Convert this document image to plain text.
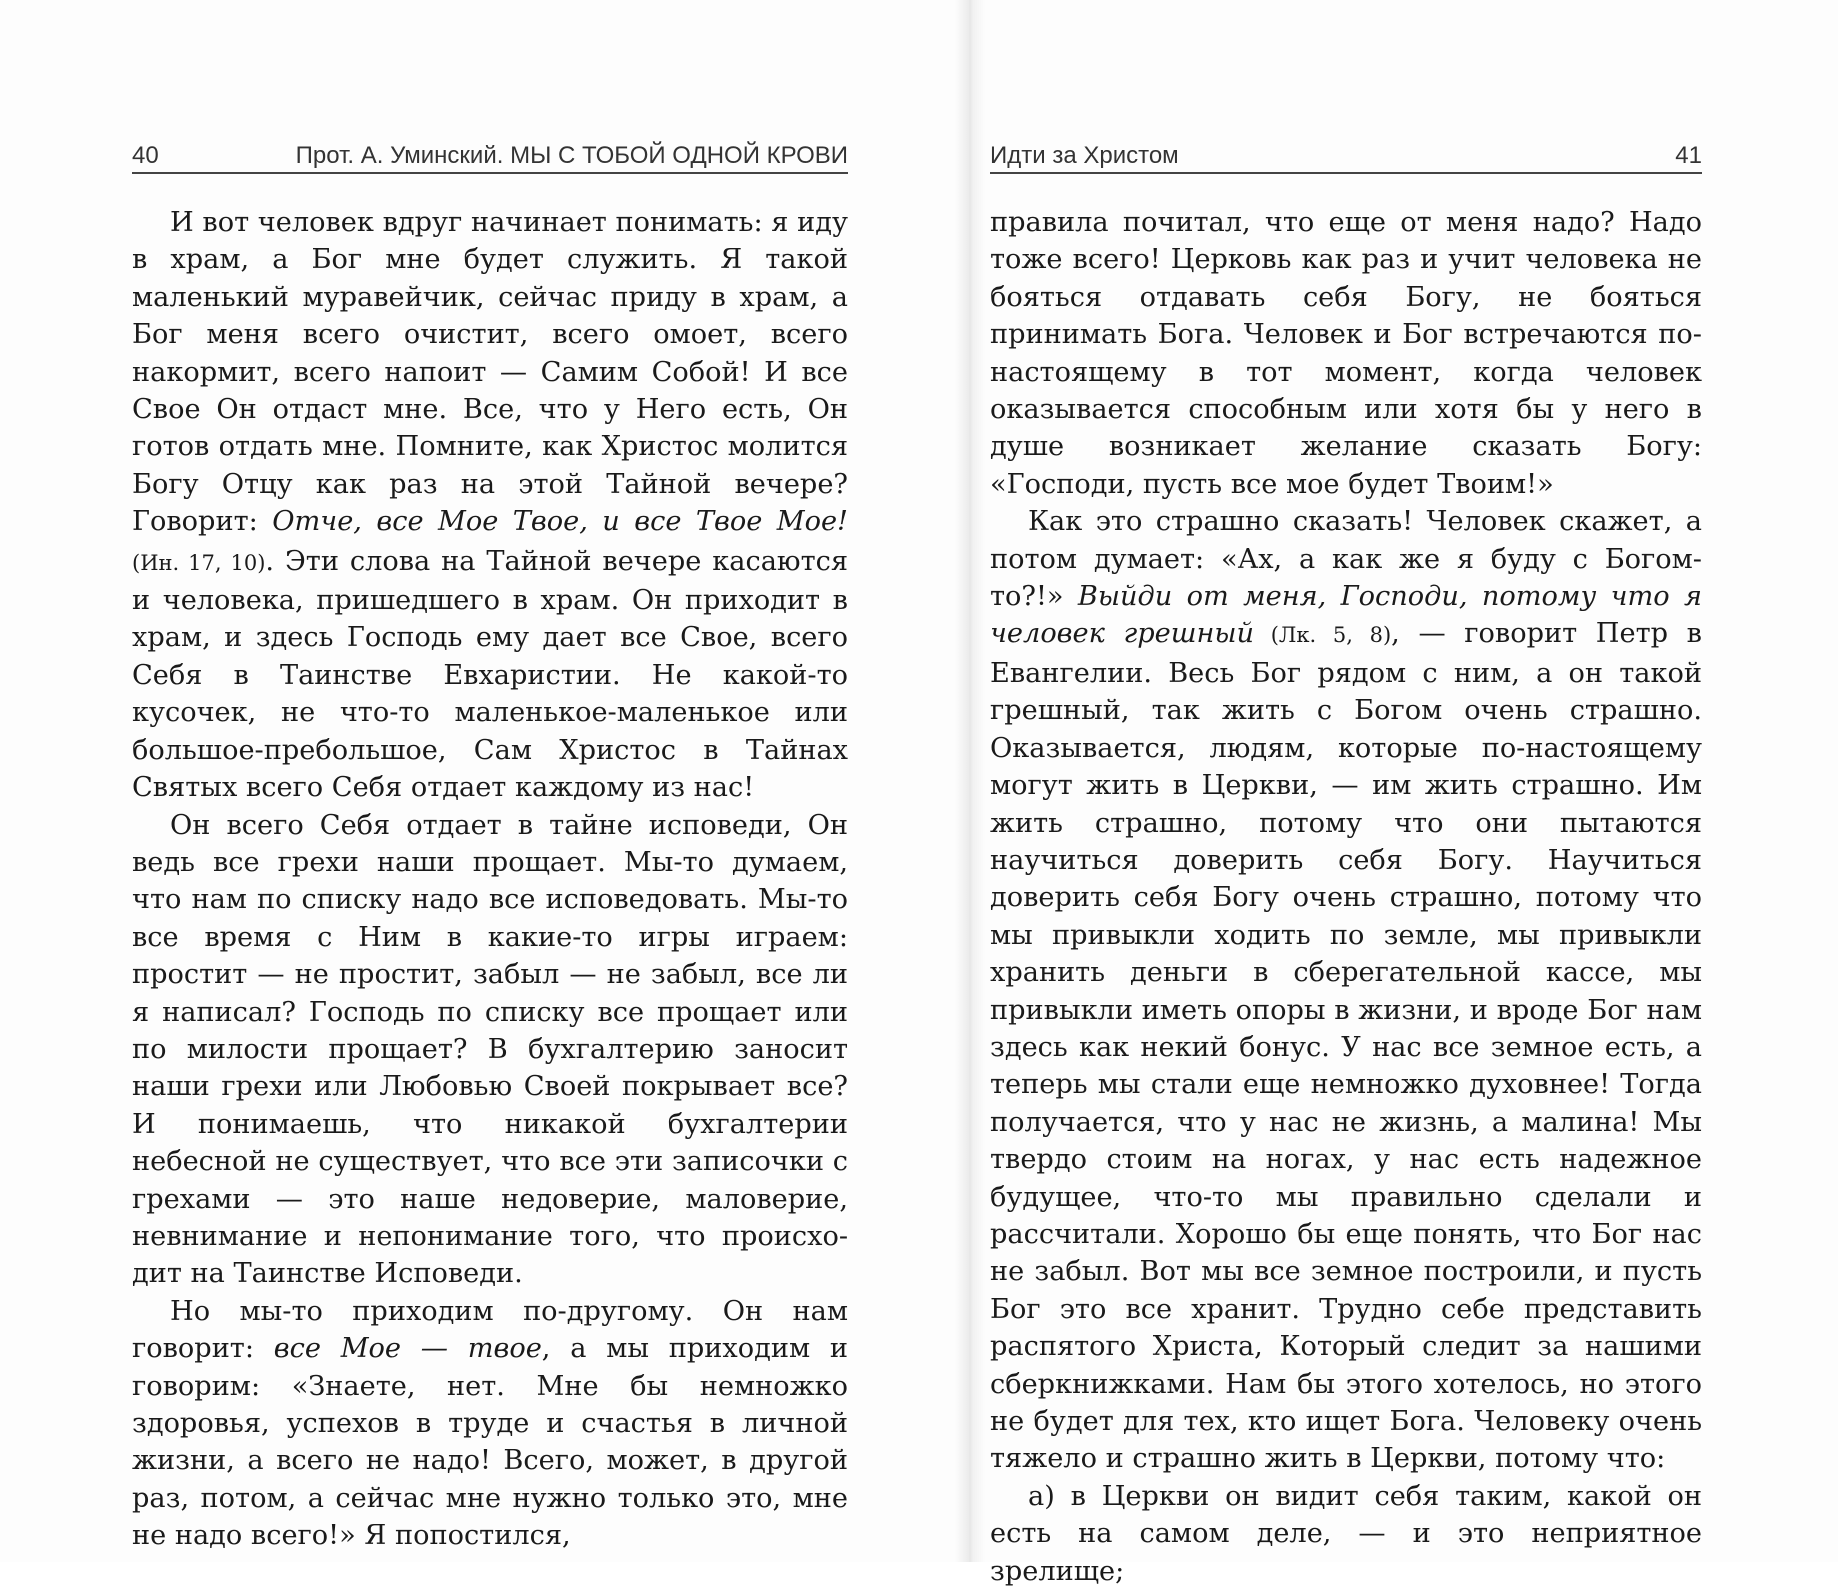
40	Прот. А. Уминский. МЫ С ТОБОЙ ОДНОЙ КРОВИ

И вот человек вдруг начинает понимать: я иду в храм, а Бог мне будет служить. Я такой маленький муравейчик, сейчас приду в храм, а Бог меня всего очистит, всего омоет, всего накормит, всего напоит — Самим Собой! И все Свое Он отдаст мне. Все, что у Него есть, Он готов отдать мне. Помните, как Христос молится Богу Отцу как раз на этой Тайной вечере? Говорит: Отче, все Мое Твое, и все Твое Мое! (Ин. 17, 10). Эти слова на Тайной вечере касаются и человека, пришедшего в храм. Он приходит в храм, и здесь Господь ему дает все Свое, всего Себя в Таинстве Евхаристии. Не какой-то кусочек, не что-то маленькое-маленькое или большое-пребольшое, Сам Христос в Тайнах Святых всего Себя отдает каждому из нас!

Он всего Себя отдает в тайне исповеди, Он ведь все грехи наши прощает. Мы-то думаем, что нам по списку надо все исповедовать. Мы-то все время с Ним в какие-то игры играем: простит — не простит, забыл — не забыл, все ли я написал? Господь по списку все прощает или по милости прощает? В бухгалтерию заносит наши грехи или Любовью Своей покрывает все? И понимаешь, что никакой бухгалтерии небесной не существует, что все эти записочки с грехами — это наше недоверие, маловерие, невнимание и непонимание того, что происходит на Таинстве Исповеди.

Но мы-то приходим по-другому. Он нам говорит: все Мое — твое, а мы приходим и говорим: «Знаете, нет. Мне бы немножко здоровья, успехов в труде и счастья в личной жизни, а всего не надо! Всего, может, в другой раз, потом, а сейчас мне нужно только это, мне не надо всего!» Я попостился,

Идти за Христом	41

правила почитал, что еще от меня надо? Надо тоже всего! Церковь как раз и учит человека не бояться отдавать себя Богу, не бояться принимать Бога. Человек и Бог встречаются по-настоящему в тот момент, когда человек оказывается способным или хотя бы у него в душе возникает желание сказать Богу: «Господи, пусть все мое будет Твоим!»

Как это страшно сказать! Человек скажет, а потом думает: «Ах, а как же я буду с Богом-то?!» Выйди от меня, Господи, потому что я человек грешный (Лк. 5, 8), — говорит Петр в Евангелии. Весь Бог рядом с ним, а он такой грешный, так жить с Богом очень страшно. Оказывается, людям, которые по-настоящему могут жить в Церкви, — им жить страшно. Им жить страшно, потому что они пытаются научиться доверить себя Богу. Научиться доверить себя Богу очень страшно, потому что мы привыкли ходить по земле, мы привыкли хранить деньги в сберегательной кассе, мы привыкли иметь опоры в жизни, и вроде Бог нам здесь как некий бонус. У нас все земное есть, а теперь мы стали еще немножко духовнее! Тогда получается, что у нас не жизнь, а малина! Мы твердо стоим на ногах, у нас есть надежное будущее, что-то мы правильно сделали и рассчитали. Хорошо бы еще понять, что Бог нас не забыл. Вот мы все земное построили, и пусть Бог это все хранит. Трудно себе представить распятого Христа, Который следит за нашими сберкнижками. Нам бы этого хотелось, но этого не будет для тех, кто ищет Бога. Человеку очень тяжело и страшно жить в Церкви, потому что:

а) в Церкви он видит себя таким, какой он есть на самом деле, — и это неприятное зрелище;
